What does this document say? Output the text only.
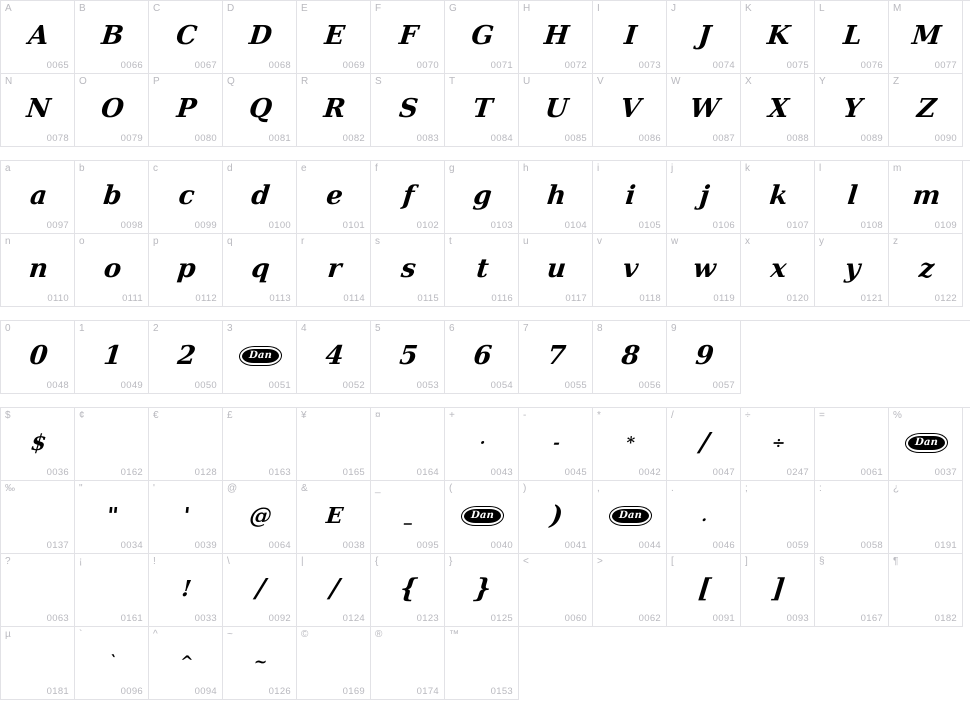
A
A
0065
B
B
0066
C
C
0067
D
D
0068
E
E
0069
F
F
0070
G
G
0071
H
H
0072
I
I
0073
J
J
0074
K
K
0075
L
L
0076
M
M
0077
N
N
0078
O
O
0079
P
P
0080
Q
Q
0081
R
R
0082
S
S
0083
T
T
0084
U
U
0085
V
V
0086
W
W
0087
X
X
0088
Y
Y
0089
Z
Z
0090
a
a
0097
b
b
0098
c
c
0099
d
d
0100
e
e
0101
f
f
0102
g
g
0103
h
h
0104
i
i
0105
j
j
0106
k
k
0107
l
l
0108
m
m
0109
n
n
0110
o
o
0111
p
p
0112
q
q
0113
r
r
0114
s
s
0115
t
t
0116
u
u
0117
v
v
0118
w
w
0119
x
x
0120
y
y
0121
z
z
0122
0
0
0048
1
1
0049
2
2
0050
3
Dan
0051
4
4
0052
5
5
0053
6
6
0054
7
7
0055
8
8
0056
9
9
0057
$
$
0036
¢
0162
€
0128
£
0163
¥
0165
¤
0164
+
·
0043
-
-
0045
*
*
0042
/
/
0047
÷
÷
0247
=
0061
%
Dan
0037
‰
0137
"
"
0034
'
'
0039
@
@
0064
&
E
0038
_
_
0095
(
Dan
0040
)
)
0041
,
Dan
0044
.
.
0046
;
0059
:
0058
¿
0191
?
0063
¡
0161
!
!
0033
\
/
0092
|
/
0124
{
{
0123
}
}
0125
<
0060
>
0062
[
[
0091
]
]
0093
§
0167
¶
0182
µ
0181
`
`
0096
^
^
0094
~
~
0126
©
0169
®
0174
™
0153
